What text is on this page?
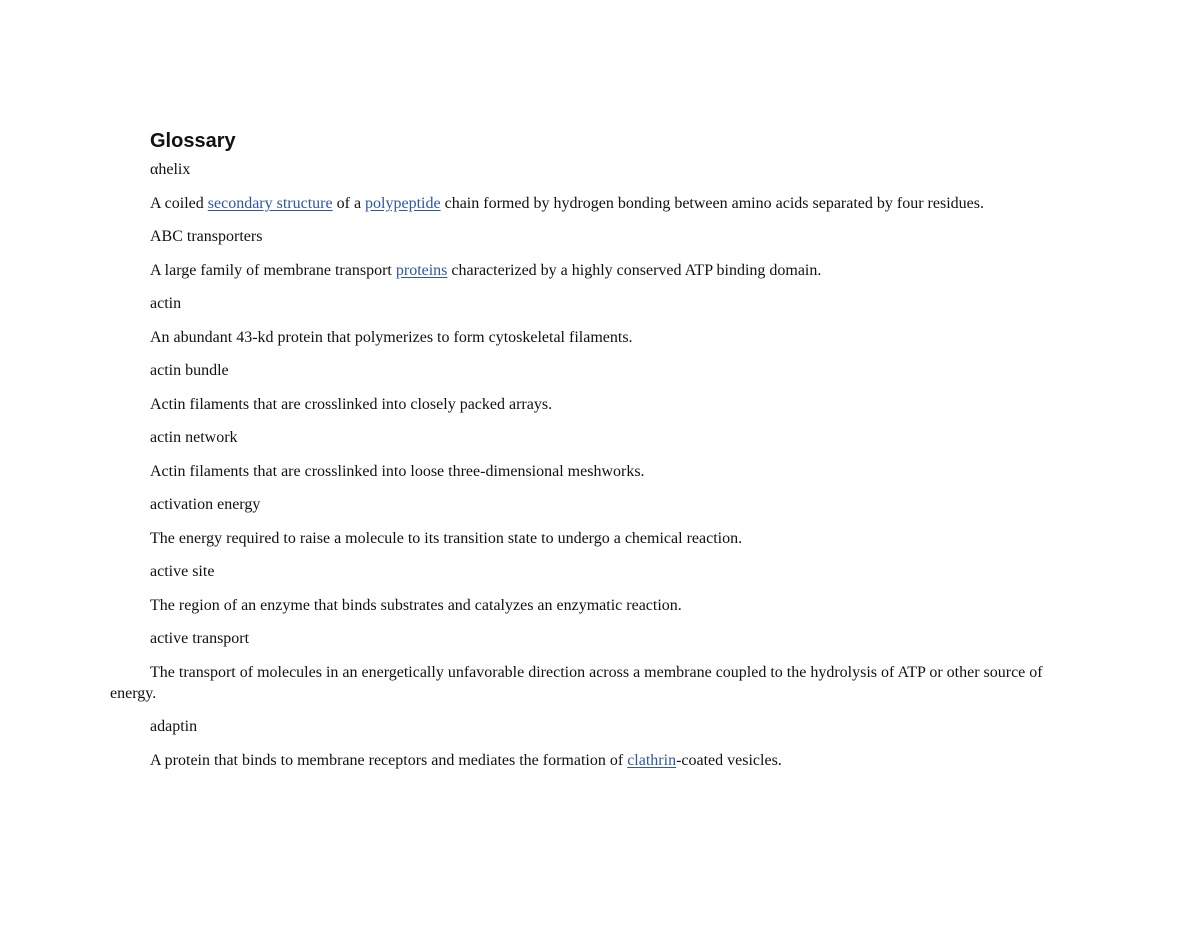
Glossary
αhelix
A coiled secondary structure of a polypeptide chain formed by hydrogen bonding between amino acids separated by four residues.
ABC transporters
A large family of membrane transport proteins characterized by a highly conserved ATP binding domain.
actin
An abundant 43-kd protein that polymerizes to form cytoskeletal filaments.
actin bundle
Actin filaments that are crosslinked into closely packed arrays.
actin network
Actin filaments that are crosslinked into loose three-dimensional meshworks.
activation energy
The energy required to raise a molecule to its transition state to undergo a chemical reaction.
active site
The region of an enzyme that binds substrates and catalyzes an enzymatic reaction.
active transport
The transport of molecules in an energetically unfavorable direction across a membrane coupled to the hydrolysis of ATP or other source of energy.
adaptin
A protein that binds to membrane receptors and mediates the formation of clathrin-coated vesicles.
